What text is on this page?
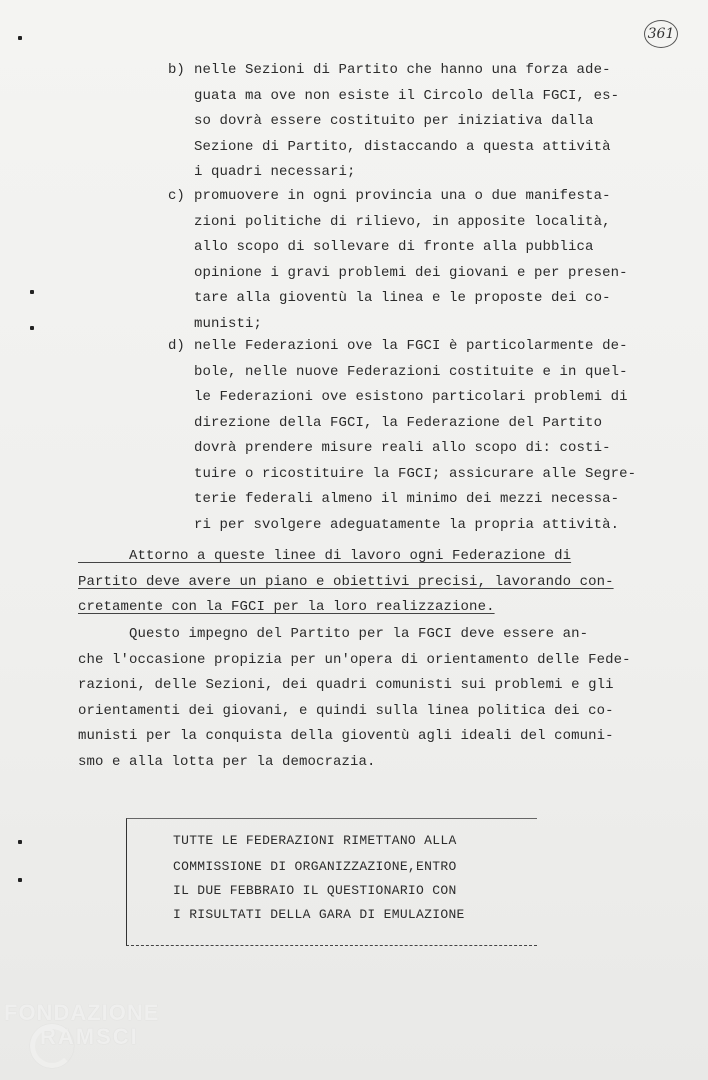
361
b) nelle Sezioni di Partito che hanno una forza ade-
guata ma ove non esiste il Circolo della FGCI, es-
so dovrà essere costituito per iniziativa dalla
Sezione di Partito, distaccando a questa attività
i quadri necessari;
c) promuovere in ogni provincia una o due manifesta-
zioni politiche di rilievo, in apposite località,
allo scopo di sollevare di fronte alla pubblica
opinione i gravi problemi dei giovani e per presen-
tare alla gioventù la linea e le proposte dei co-
munisti;
d) nelle Federazioni ove la FGCI è particolarmente de-
bole, nelle nuove Federazioni costituite e in quel-
le Federazioni ove esistono particolari problemi di
direzione della FGCI, la Federazione del Partito
dovrà prendere misure reali allo scopo di: costi-
tuire o ricostituire la FGCI; assicurare alle Segre-
terie federali almeno il minimo dei mezzi necessa-
ri per svolgere adeguatamente la propria attività.
Attorno a queste linee di lavoro ogni Federazione di
Partito deve avere un piano e obiettivi precisi, lavorando con-
cretamente con la FGCI per la loro realizzazione.
Questo impegno del Partito per la FGCI deve essere an-
che l'occasione propizia per un'opera di orientamento delle Fede-
razioni, delle Sezioni, dei quadri comunisti sui problemi e gli
orientamenti dei giovani, e quindi sulla linea politica dei co-
munisti per la conquista della gioventù agli ideali del comuni-
smo e alla lotta per la democrazia.
TUTTE LE FEDERAZIONI RIMETTANO ALLA
COMMISSIONE DI ORGANIZZAZIONE,ENTRO
IL DUE FEBBRAIO IL QUESTIONARIO CON
I RISULTATI DELLA GARA DI EMULAZIONE
FONDAZIONE
RAMSCI
